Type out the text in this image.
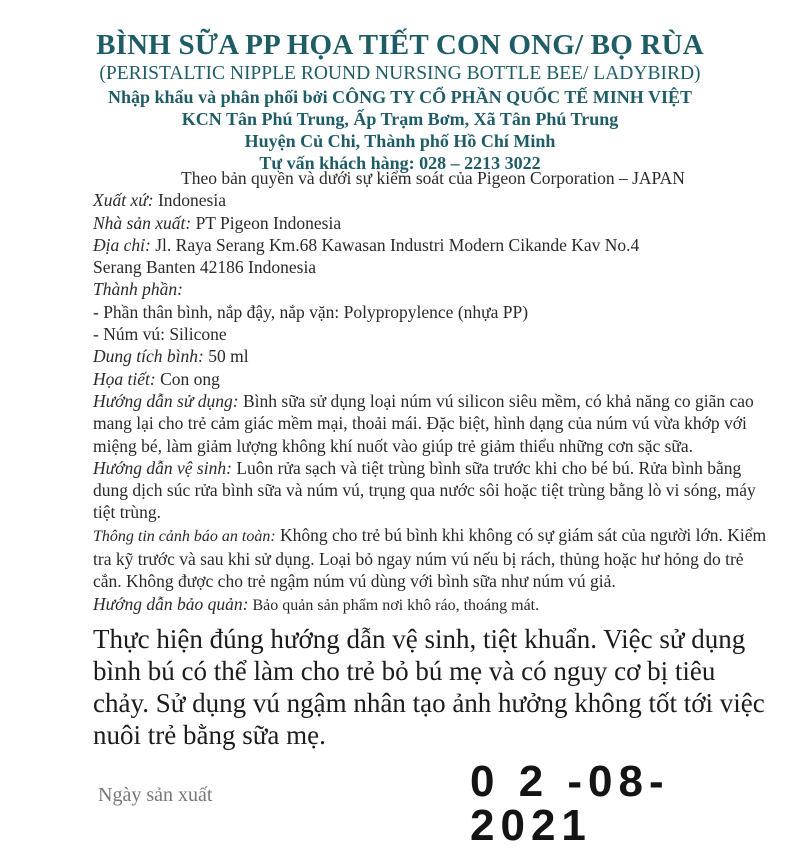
BÌNH SỮA PP HỌA TIẾT CON ONG/ BỌ RÙA

(PERISTALTIC NIPPLE ROUND NURSING BOTTLE BEE/ LADYBIRD)

Nhập khẩu và phân phối bởi CÔNG TY CỔ PHẦN QUỐC TẾ MINH VIỆT

KCN Tân Phú Trung, Ấp Trạm Bơm, Xã Tân Phú Trung

Huyện Củ Chi, Thành phố Hồ Chí Minh

Tư vấn khách hàng: 028 – 2213 3022

Theo bản quyền và dưới sự kiểm soát của Pigeon Corporation – JAPAN

Xuất xứ: Indonesia

Nhà sản xuất: PT Pigeon Indonesia

Địa chỉ: Jl. Raya Serang Km.68 Kawasan Industri Modern Cikande Kav No.4

Serang Banten 42186 Indonesia

Thành phần:

- Phần thân bình, nắp đậy, nắp vặn: Polypropylence (nhựa PP)

- Núm vú: Silicone

Dung tích bình: 50 ml

Họa tiết: Con ong

Hướng dẫn sử dụng: Bình sữa sử dụng loại núm vú silicon siêu mềm, có khả năng co giãn cao mang lại cho trẻ cảm giác mềm mại, thoải mái. Đặc biệt, hình dạng của núm vú vừa khớp với miệng bé, làm giảm lượng không khí nuốt vào giúp trẻ giảm thiểu những cơn sặc sữa.

Hướng dẫn vệ sinh: Luôn rửa sạch và tiệt trùng bình sữa trước khi cho bé bú. Rửa bình bằng dung dịch súc rửa bình sữa và núm vú, trụng qua nước sôi hoặc tiệt trùng bằng lò vi sóng, máy tiệt trùng.

Thông tin cảnh báo an toàn: Không cho trẻ bú bình khi không có sự giám sát của người lớn. Kiểm tra kỹ trước và sau khi sử dụng. Loại bỏ ngay núm vú nếu bị rách, thủng hoặc hư hỏng do trẻ cắn. Không được cho trẻ ngậm núm vú dùng với bình sữa như núm vú giả.

Hướng dẫn bảo quản: Bảo quản sản phẩm nơi khô ráo, thoáng mát.

Thực hiện đúng hướng dẫn vệ sinh, tiệt khuẩn. Việc sử dụng bình bú có thể làm cho trẻ bỏ bú mẹ và có nguy cơ bị tiêu chảy. Sử dụng vú ngậm nhân tạo ảnh hưởng không tốt tới việc nuôi trẻ bằng sữa mẹ.

Ngày sản xuất	0 2 -08- 2021
